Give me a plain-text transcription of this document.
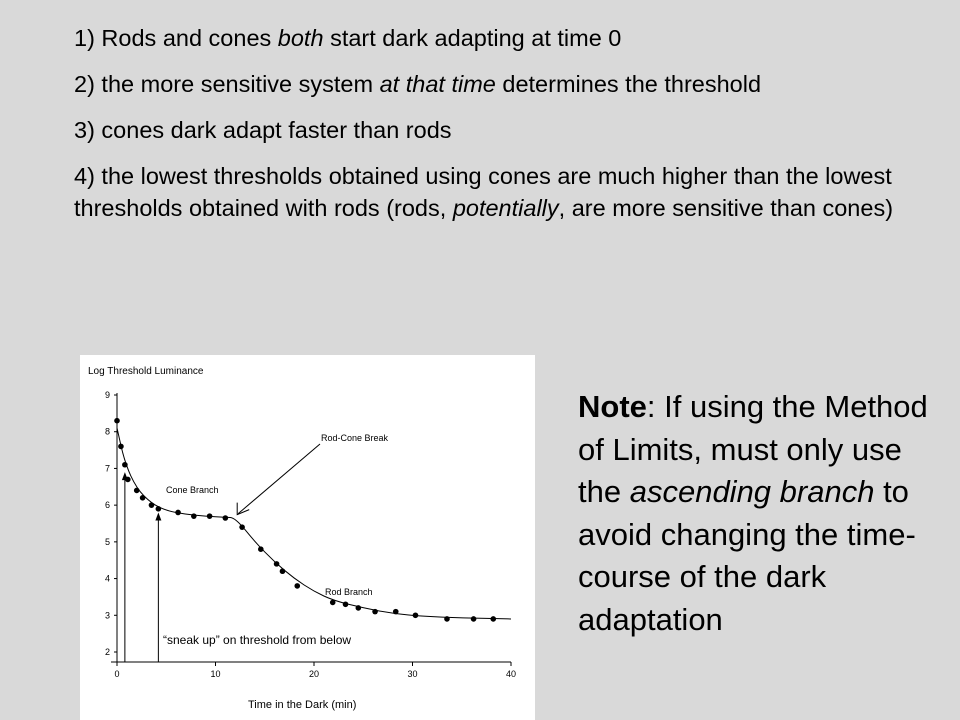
1) Rods and cones both start dark adapting at time 0

2) the more sensitive system at that time determines the threshold

3) cones dark adapt faster than rods

4) the lowest thresholds obtained using cones are much higher than the lowest thresholds obtained with rods (rods, potentially, are more sensitive than cones)

2
3
4
5
6
7
8
9
0	10	20	30	40
Log Threshold Luminance
Time in the Dark (min)
Cone Branch
Rod Branch
Rod-Cone Break
“sneak up” on threshold from below
Note: If using the Method of Limits, must only use the ascending branch to avoid changing the time-course of the dark adaptation
